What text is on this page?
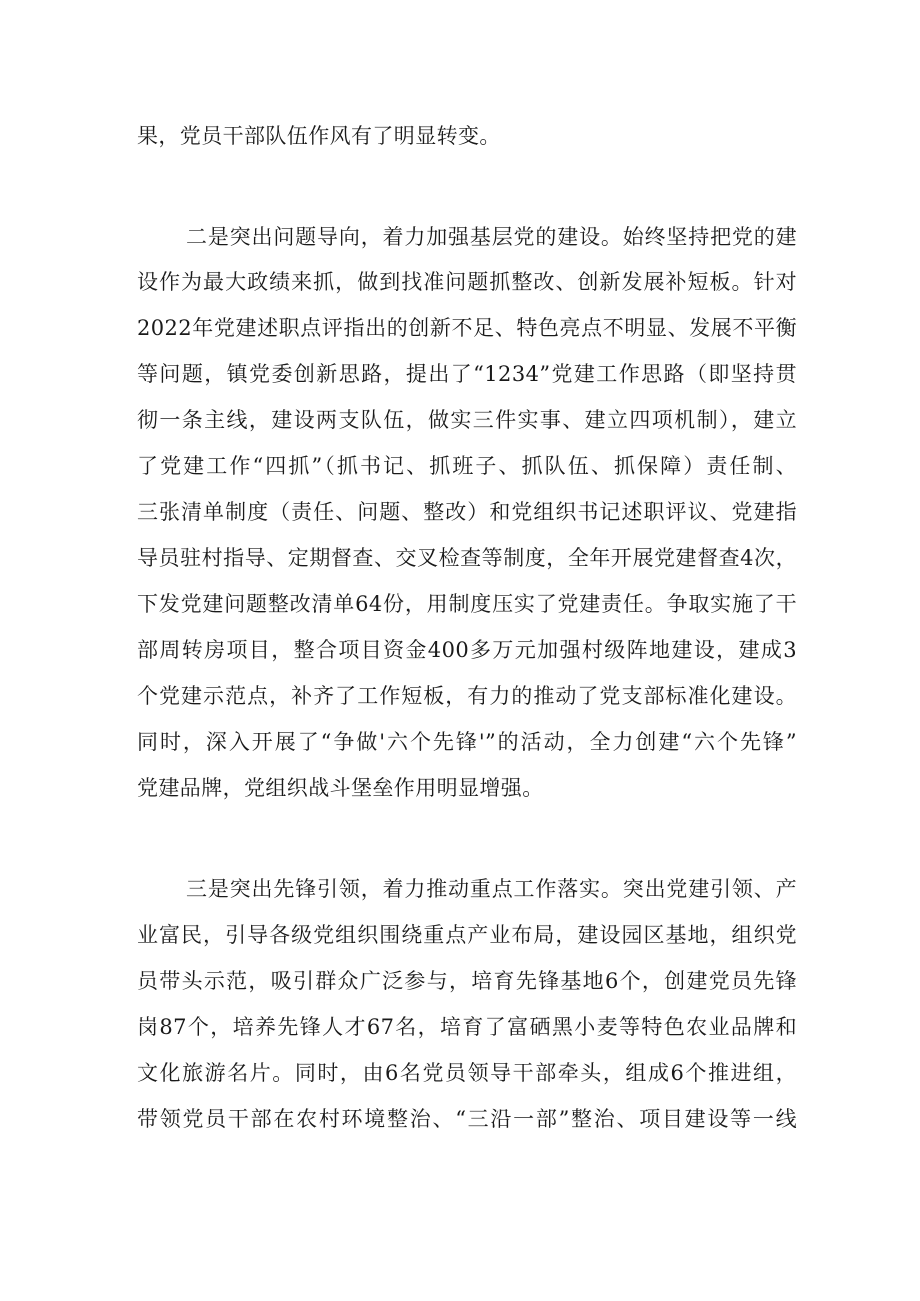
果，党员干部队伍作风有了明显转变。
二是突出问题导向，着力加强基层党的建设。始终坚持把党的建
设作为最大政绩来抓，做到找准问题抓整改、创新发展补短板。针对
2022年党建述职点评指出的创新不足、特色亮点不明显、发展不平衡
等问题，镇党委创新思路，提出了“1234”党建工作思路（即坚持贯
彻一条主线，建设两支队伍，做实三件实事、建立四项机制），建立
了党建工作“四抓”（抓书记、抓班子、抓队伍、抓保障）责任制、
三张清单制度（责任、问题、整改）和党组织书记述职评议、党建指
导员驻村指导、定期督查、交叉检查等制度，全年开展党建督查4次，
下发党建问题整改清单64份，用制度压实了党建责任。争取实施了干
部周转房项目，整合项目资金400多万元加强村级阵地建设，建成3
个党建示范点，补齐了工作短板，有力的推动了党支部标准化建设。
同时，深入开展了“争做'六个先锋'”的活动，全力创建“六个先锋”
党建品牌，党组织战斗堡垒作用明显增强。
三是突出先锋引领，着力推动重点工作落实。突出党建引领、产
业富民，引导各级党组织围绕重点产业布局，建设园区基地，组织党
员带头示范，吸引群众广泛参与，培育先锋基地6个，创建党员先锋
岗87个，培养先锋人才67名，培育了富硒黑小麦等特色农业品牌和
文化旅游名片。同时，由6名党员领导干部牵头，组成6个推进组，
带领党员干部在农村环境整治、“三沿一部”整治、项目建设等一线
